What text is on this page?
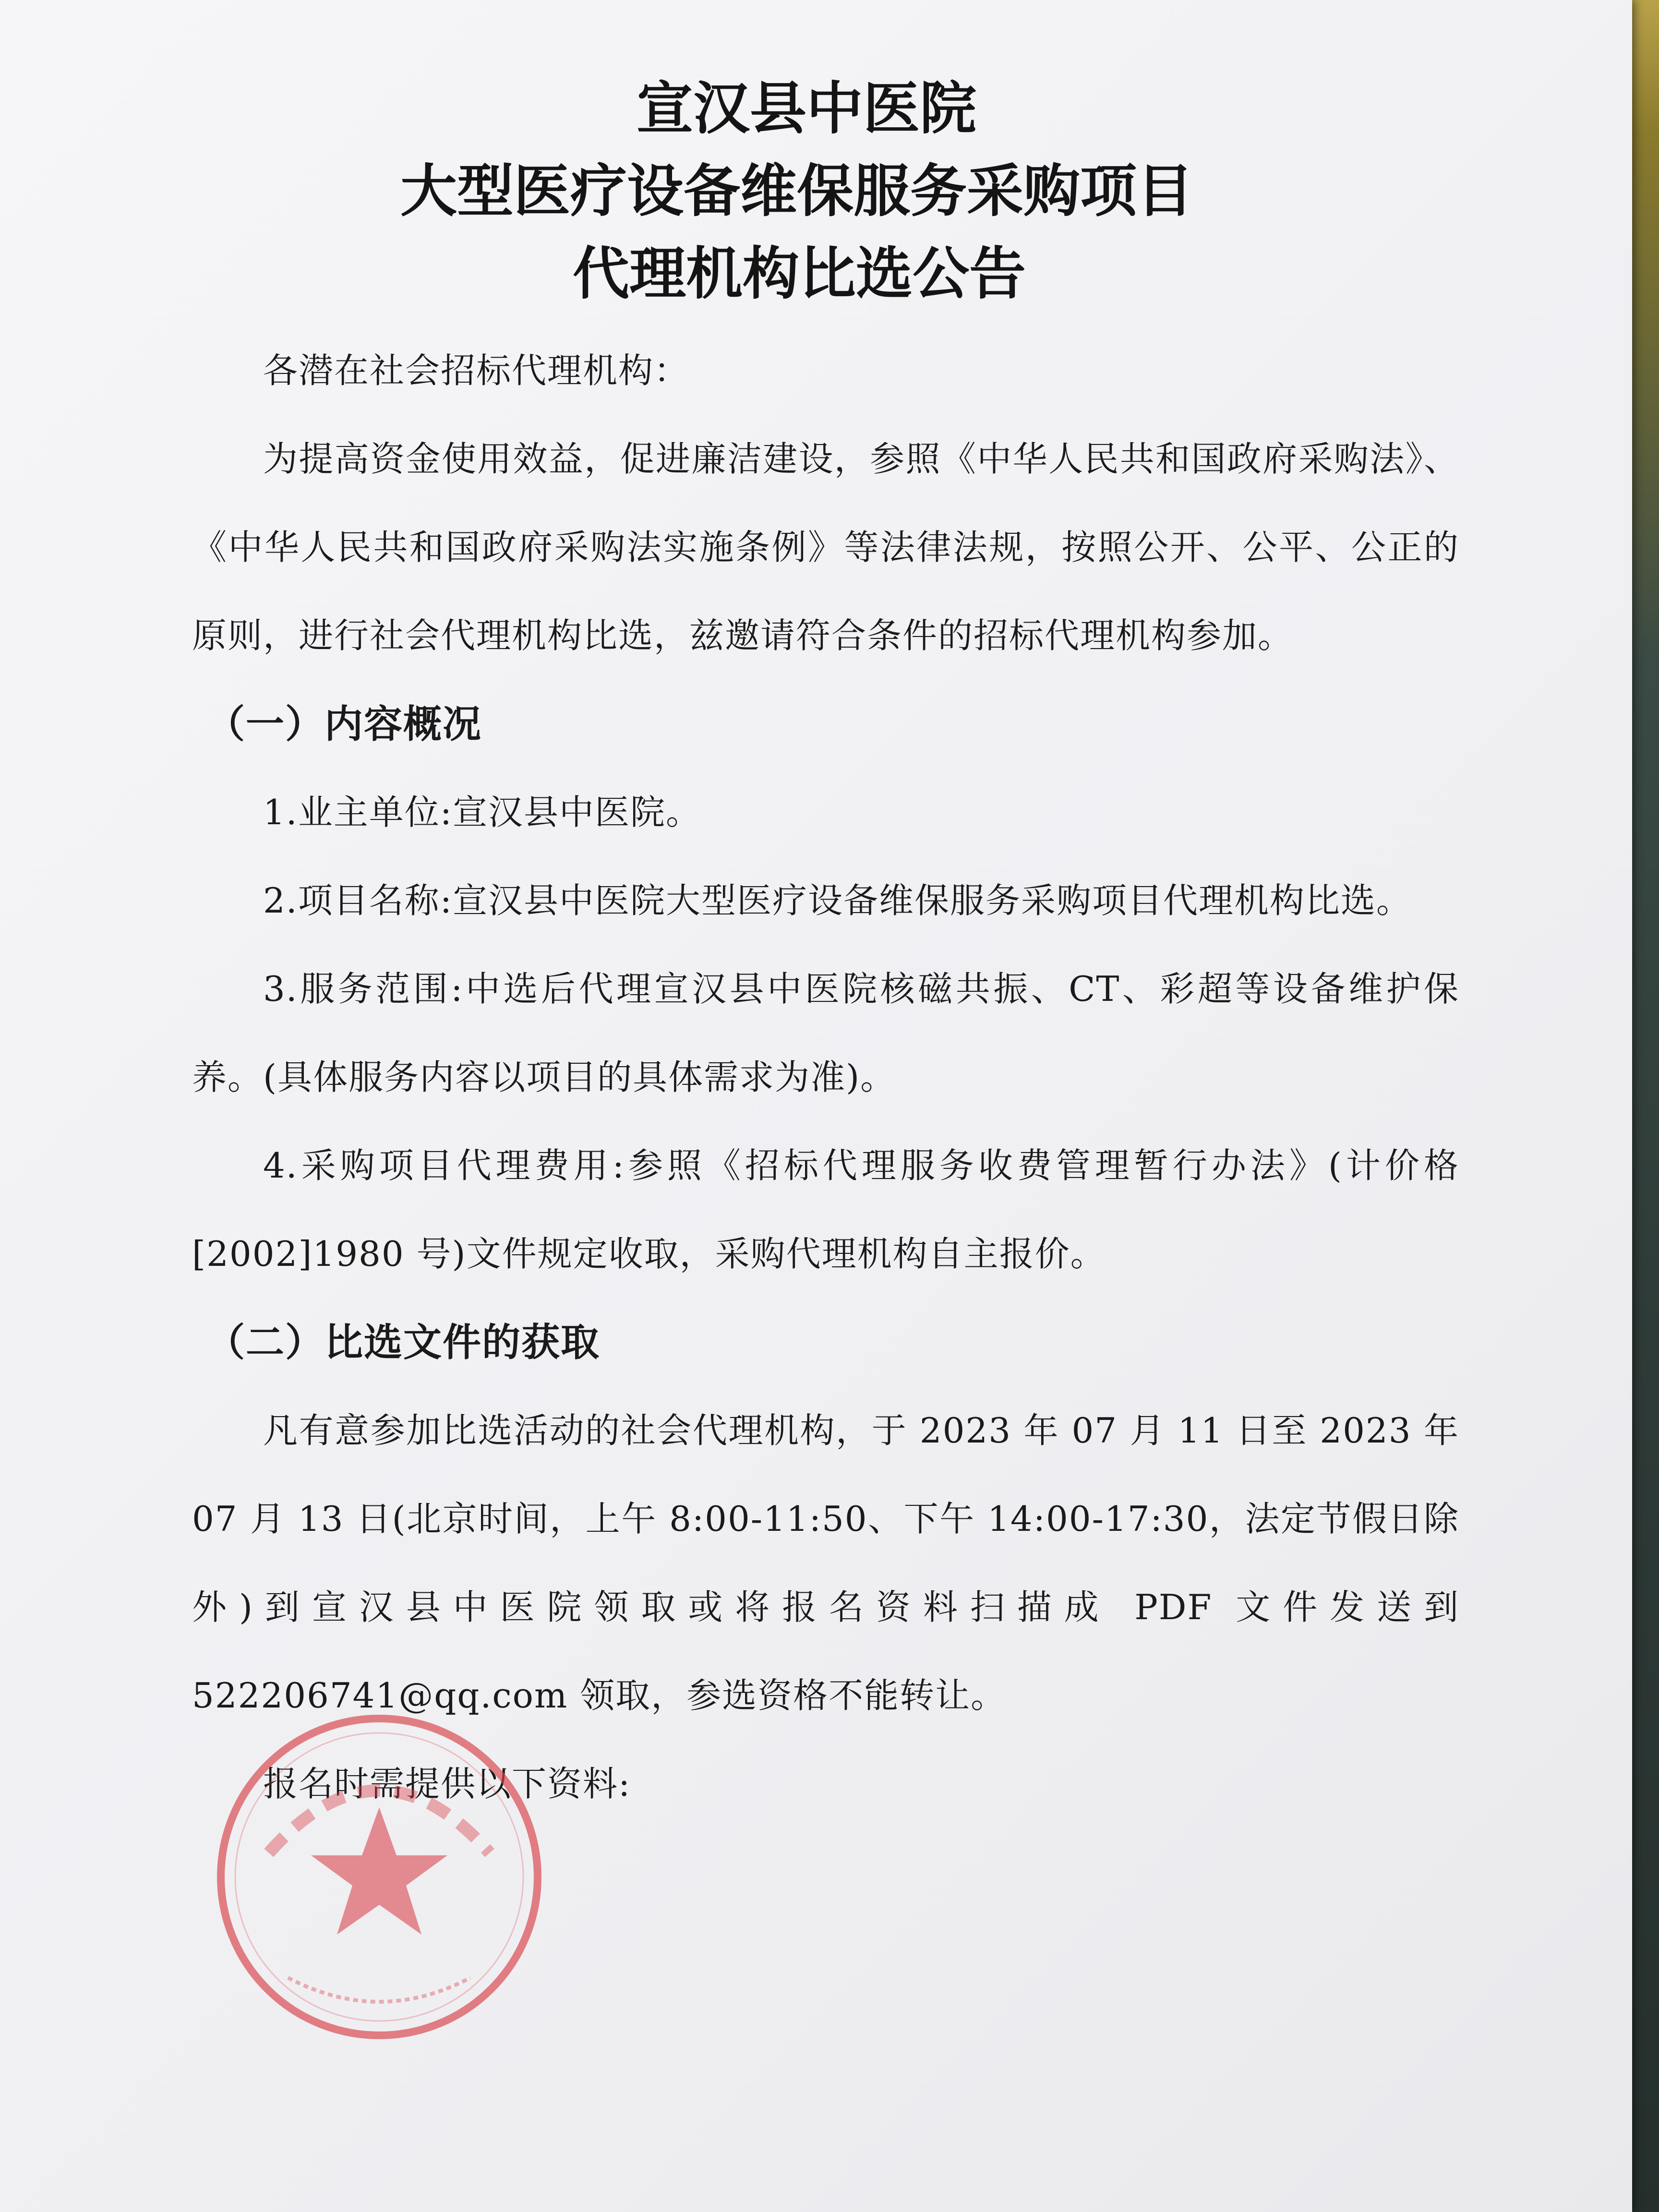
宣汉县中医院
大型医疗设备维保服务采购项目
代理机构比选公告

各潜在社会招标代理机构：

为提高资金使用效益，促进廉洁建设，参照《中华人民共和国政府采购法》、《中华人民共和国政府采购法实施条例》等法律法规，按照公开、公平、公正的原则，进行社会代理机构比选，兹邀请符合条件的招标代理机构参加。

（一）内容概况

1.业主单位:宣汉县中医院。

2.项目名称:宣汉县中医院大型医疗设备维保服务采购项目代理机构比选。

3.服务范围:中选后代理宣汉县中医院核磁共振、CT、彩超等设备维护保养。(具体服务内容以项目的具体需求为准)。

4.采购项目代理费用:参照《招标代理服务收费管理暂行办法》(计价格[2002]1980 号)文件规定收取，采购代理机构自主报价。

（二）比选文件的获取

凡有意参加比选活动的社会代理机构，于 2023 年 07 月 11 日至 2023 年 07 月 13 日(北京时间，上午 8:00-11:50、下午 14:00-17:30，法定节假日除外)到宣汉县中医院领取或将报名资料扫描成 PDF 文件发送到 522206741@qq.com 领取，参选资格不能转让。

报名时需提供以下资料:
